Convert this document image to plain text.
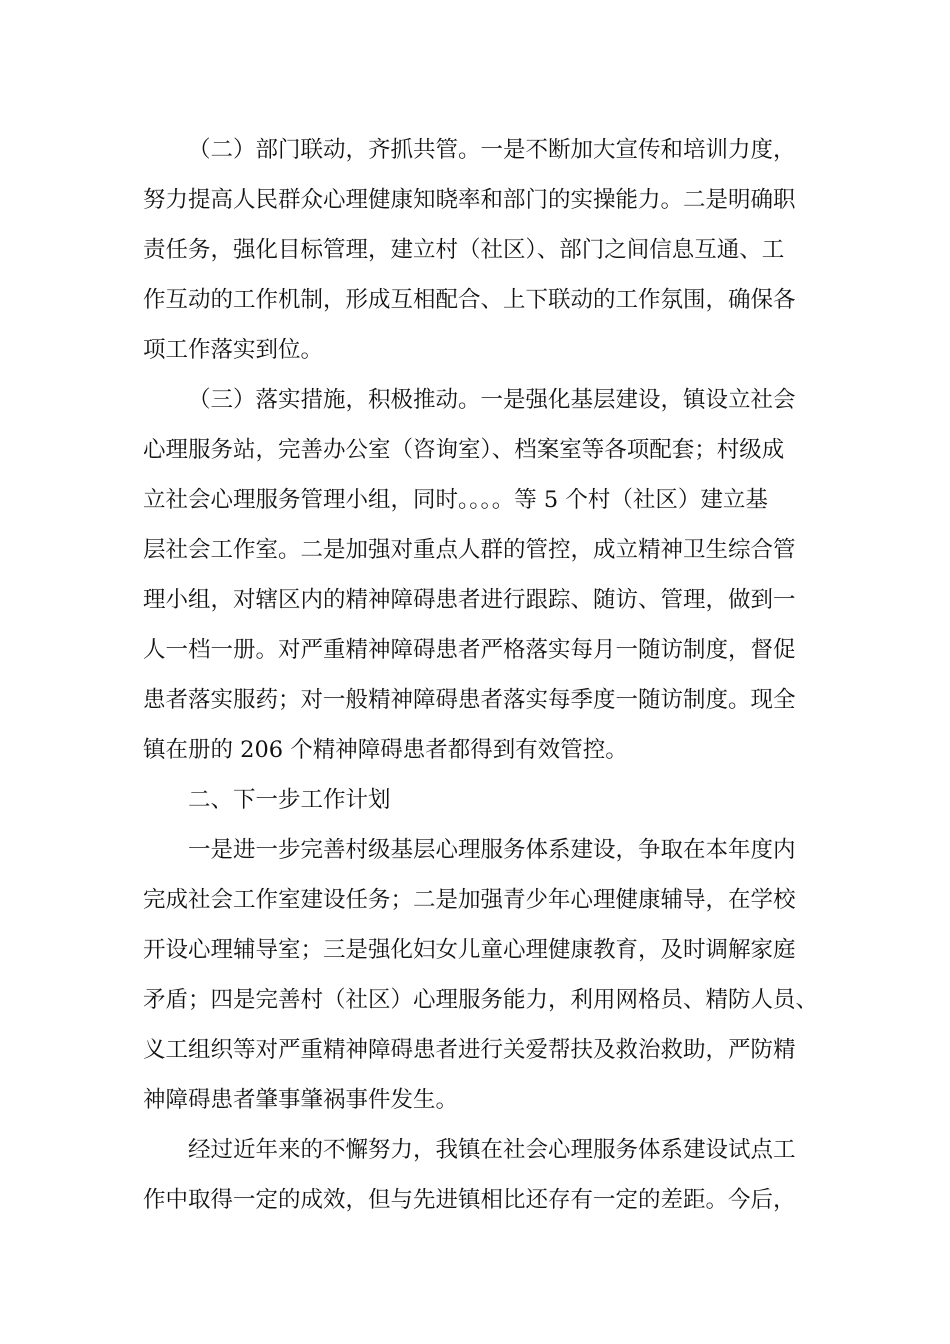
（二）部门联动，齐抓共管。一是不断加大宣传和培训力度，
努力提高人民群众心理健康知晓率和部门的实操能力。二是明确职
责任务，强化目标管理，建立村（社区）、部门之间信息互通、工
作互动的工作机制，形成互相配合、上下联动的工作氛围，确保各
项工作落实到位。
（三）落实措施，积极推动。一是强化基层建设，镇设立社会
心理服务站，完善办公室（咨询室）、档案室等各项配套；村级成
立社会心理服务管理小组，同时。。。。等 5 个村（社区）建立基
层社会工作室。二是加强对重点人群的管控，成立精神卫生综合管
理小组，对辖区内的精神障碍患者进行跟踪、随访、管理，做到一
人一档一册。对严重精神障碍患者严格落实每月一随访制度，督促
患者落实服药；对一般精神障碍患者落实每季度一随访制度。现全
镇在册的 206 个精神障碍患者都得到有效管控。
二、下一步工作计划
一是进一步完善村级基层心理服务体系建设，争取在本年度内
完成社会工作室建设任务；二是加强青少年心理健康辅导，在学校
开设心理辅导室；三是强化妇女儿童心理健康教育，及时调解家庭
矛盾；四是完善村（社区）心理服务能力，利用网格员、精防人员、
义工组织等对严重精神障碍患者进行关爱帮扶及救治救助，严防精
神障碍患者肇事肇祸事件发生。
经过近年来的不懈努力，我镇在社会心理服务体系建设试点工
作中取得一定的成效，但与先进镇相比还存有一定的差距。今后，
